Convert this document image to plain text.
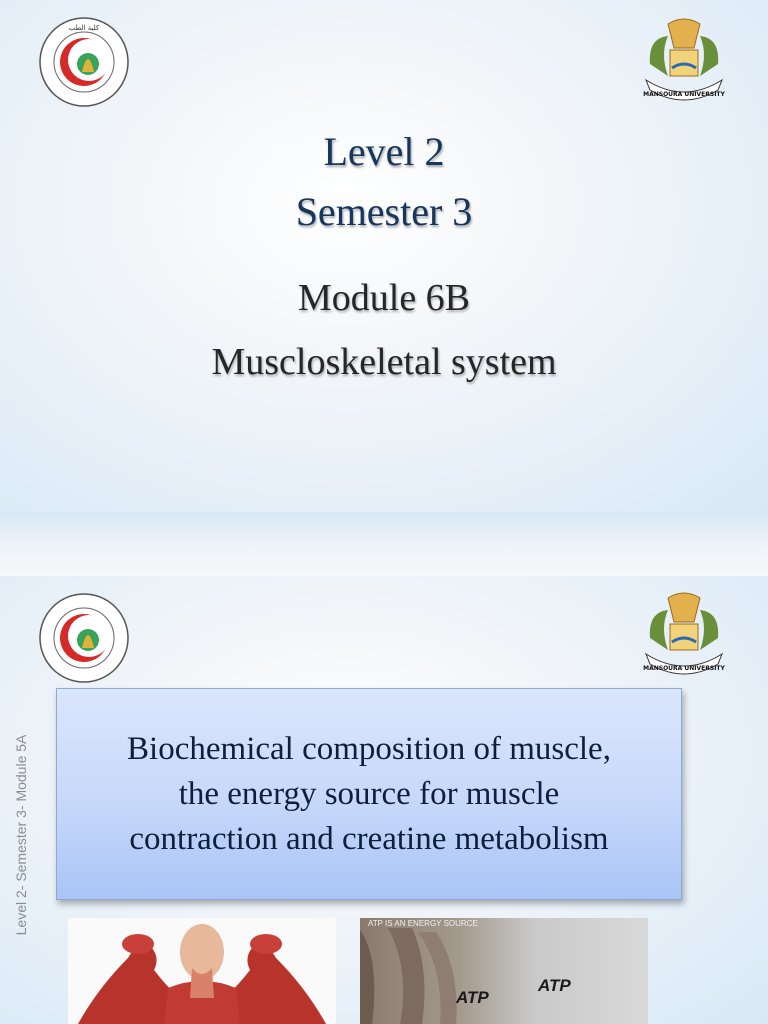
كلية الطب
MANSOURA UNIVERSITY
Level 2
Semester 3
Module 6B
Muscloskeletal system
MANSOURA UNIVERSITY
Level 2- Semester 3- Module 5A	Biochemical composition of muscle,
the energy source for muscle
contraction and creatine metabolism
ATP IS AN ENERGY SOURCE
ATP
ATP
